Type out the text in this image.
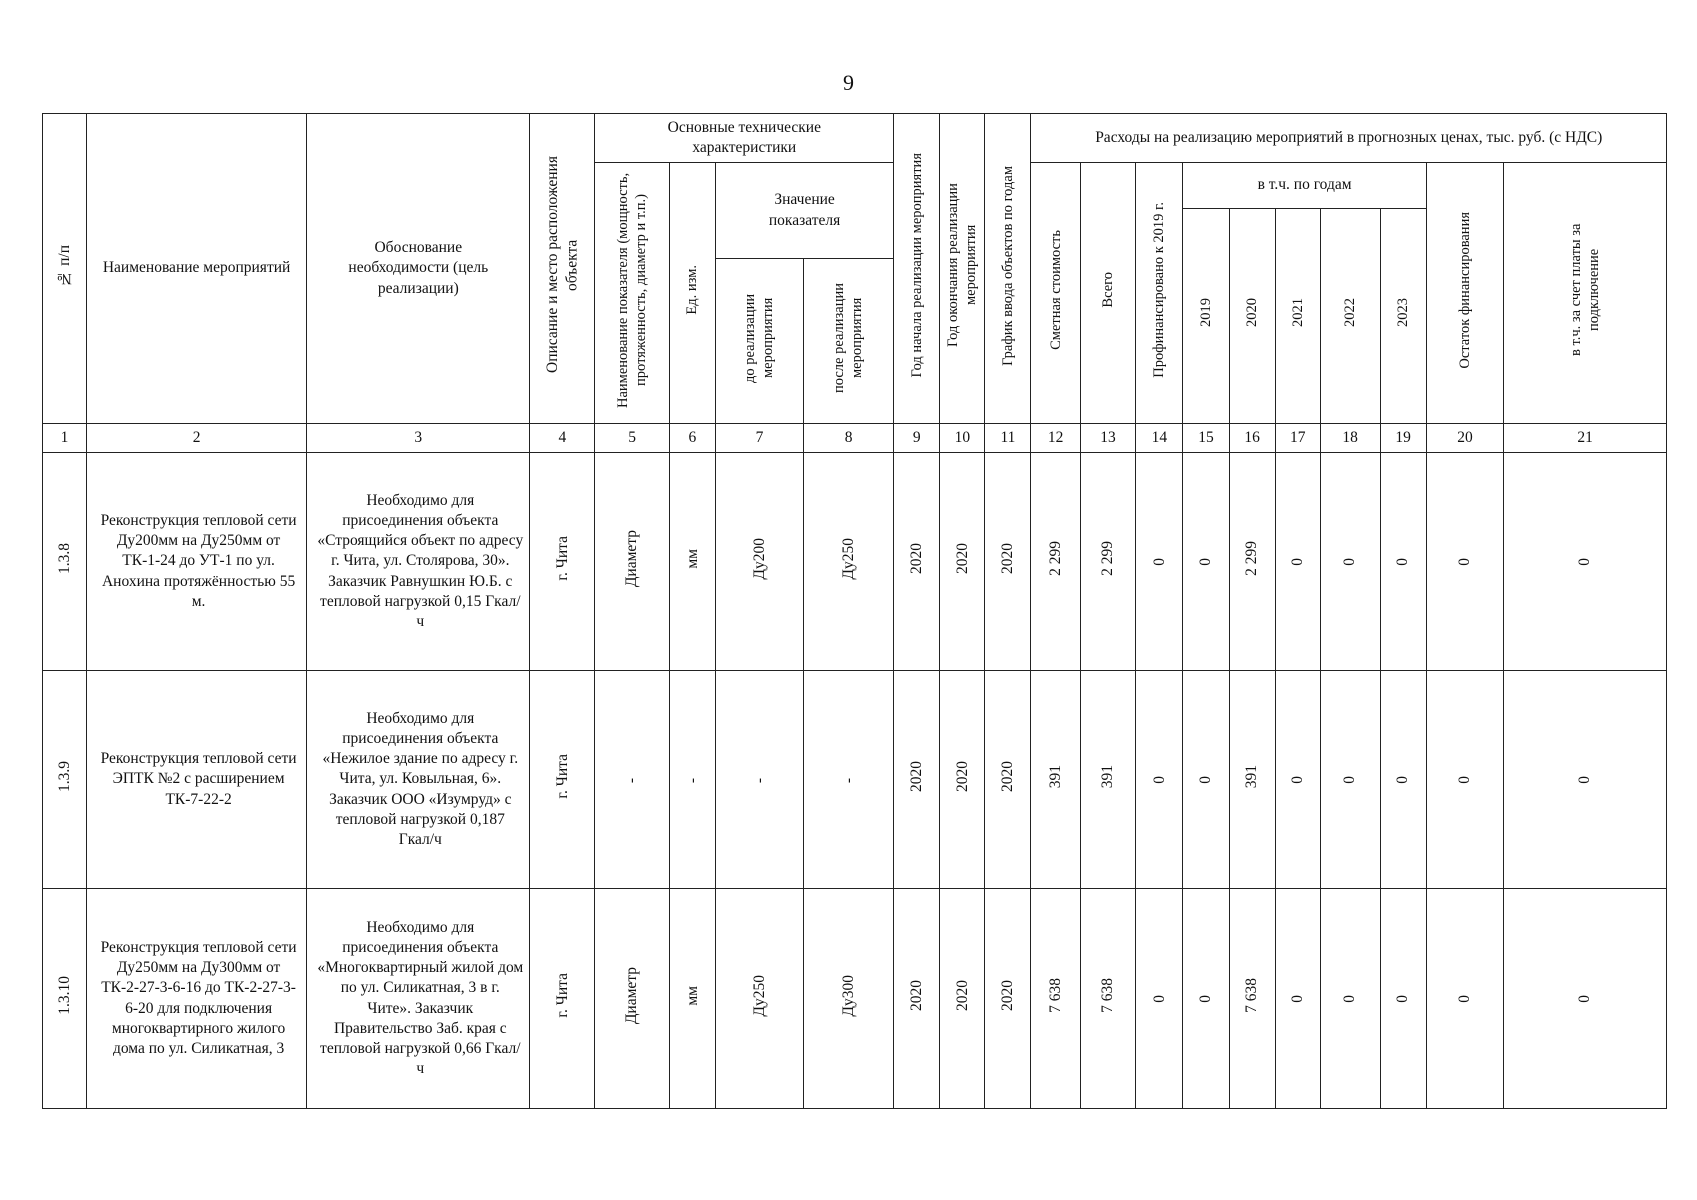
9
№ п/п	Наименование мероприятий	Обоснование необходимости (цель реализации)	Описание и место расположения объекта	Основные технические характеристики				Год начала реализации мероприятия	Год окончания реализации мероприятия	График ввода объектов по годам	Расходы на реализацию мероприятий в прогнозных ценах, тыс. руб. (с НДС)									
				Наименование показателя (мощность, протяженность, диаметр и т.п.)	Ед. изм.	Значение показателя					Сметная стоимость	Всего	Профинансировано к 2019 г.	в т.ч. по годам					Остаток финансирования	в т.ч. за счет платы за подключение
														2019	2020	2021	2022	2023		
						до реализации мероприятия	после реализации мероприятия													
1	2	3	4	5	6	7	8	9	10	11	12	13	14	15	16	17	18	19	20	21
1.3.8	Реконструкция тепловой сети Ду200мм на Ду250мм от ТК-1-24 до УТ-1 по ул. Анохина протяжённостью 55 м.	Необходимо для присоединения объекта «Строящийся объект по адресу г. Чита, ул. Столярова, 30». Заказчик Равнушкин Ю.Б. с тепловой нагрузкой 0,15 Гкал/ч	г. Чита	Диаметр	мм	Ду200	Ду250	2020	2020	2020	2 299	2 299	0	0	2 299	0	0	0	0	0
1.3.9	Реконструкция тепловой сети ЭПТК №2 с расширением ТК-7-22-2	Необходимо для присоединения объекта «Нежилое здание по адресу г. Чита, ул. Ковыльная, 6». Заказчик ООО «Изумруд» с тепловой нагрузкой 0,187 Гкал/ч	г. Чита	-	-	-	-	2020	2020	2020	391	391	0	0	391	0	0	0	0	0
1.3.10	Реконструкция тепловой сети Ду250мм на Ду300мм от ТК-2-27-3-6-16 до ТК-2-27-3-6-20 для подключения многоквартирного жилого дома по ул. Силикатная, 3	Необходимо для присоединения объекта «Многоквартирный жилой дом по ул. Силикатная, 3 в г. Чите». Заказчик Правительство Заб. края с тепловой нагрузкой 0,66 Гкал/ч	г. Чита	Диаметр	мм	Ду250	Ду300	2020	2020	2020	7 638	7 638	0	0	7 638	0	0	0	0	0
